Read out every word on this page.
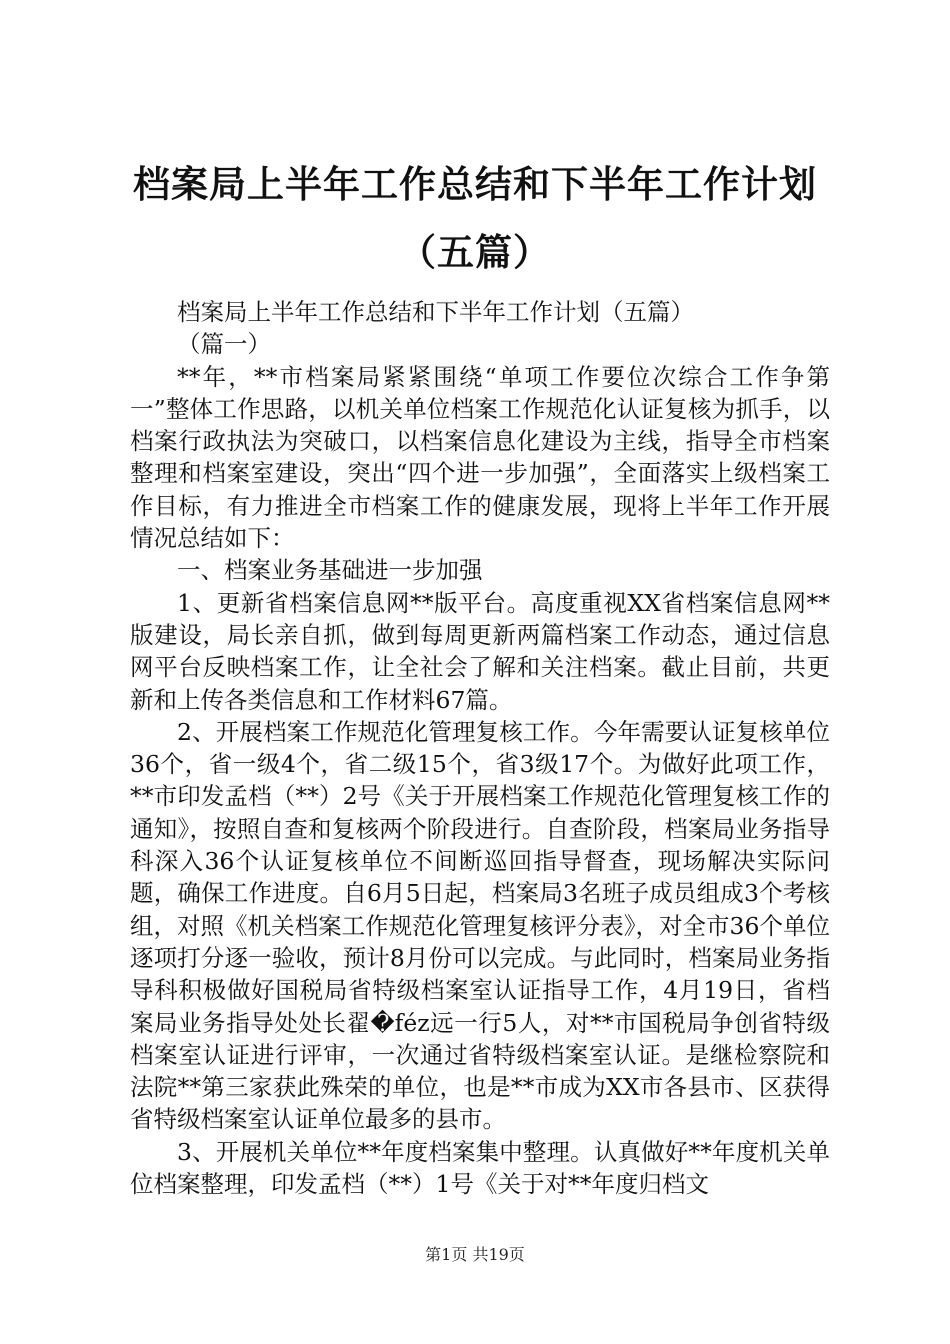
档案局上半年工作总结和下半年工作计划（五篇）

档案局上半年工作总结和下半年工作计划（五篇）

（篇一）

**年，**市档案局紧紧围绕“单项工作要位次综合工作争第一”整体工作思路，以机关单位档案工作规范化认证复核为抓手，以档案行政执法为突破口，以档案信息化建设为主线，指导全市档案整理和档案室建设，突出“四个进一步加强”，全面落实上级档案工作目标，有力推进全市档案工作的健康发展，现将上半年工作开展情况总结如下：

一、档案业务基础进一步加强

1、更新省档案信息网**版平台。高度重视XX省档案信息网**版建设，局长亲自抓，做到每周更新两篇档案工作动态，通过信息网平台反映档案工作，让全社会了解和关注档案。截止目前，共更新和上传各类信息和工作材料67篇。

2、开展档案工作规范化管理复核工作。今年需要认证复核单位36个，省一级4个，省二级15个，省3级17个。为做好此项工作，**市印发孟档（**）2号《关于开展档案工作规范化管理复核工作的通知》，按照自查和复核两个阶段进行。自查阶段，档案局业务指导科深入36个认证复核单位不间断巡回指导督查，现场解决实际问题，确保工作进度。自6月5日起，档案局3名班子成员组成3个考核组，对照《机关档案工作规范化管理复核评分表》，对全市36个单位逐项打分逐一验收，预计8月份可以完成。与此同时，档案局业务指导科积极做好国税局省特级档案室认证指导工作，4月19日，省档案局业务指导处处长翟�féz远一行5人，对**市国税局争创省特级档案室认证进行评审，一次通过省特级档案室认证。是继检察院和法院**第三家获此殊荣的单位，也是**市成为XX市各县市、区获得省特级档案室认证单位最多的县市。

3、开展机关单位**年度档案集中整理。认真做好**年度机关单位档案整理，印发孟档（**）1号《关于对**年度归档文

第1页 共19页
